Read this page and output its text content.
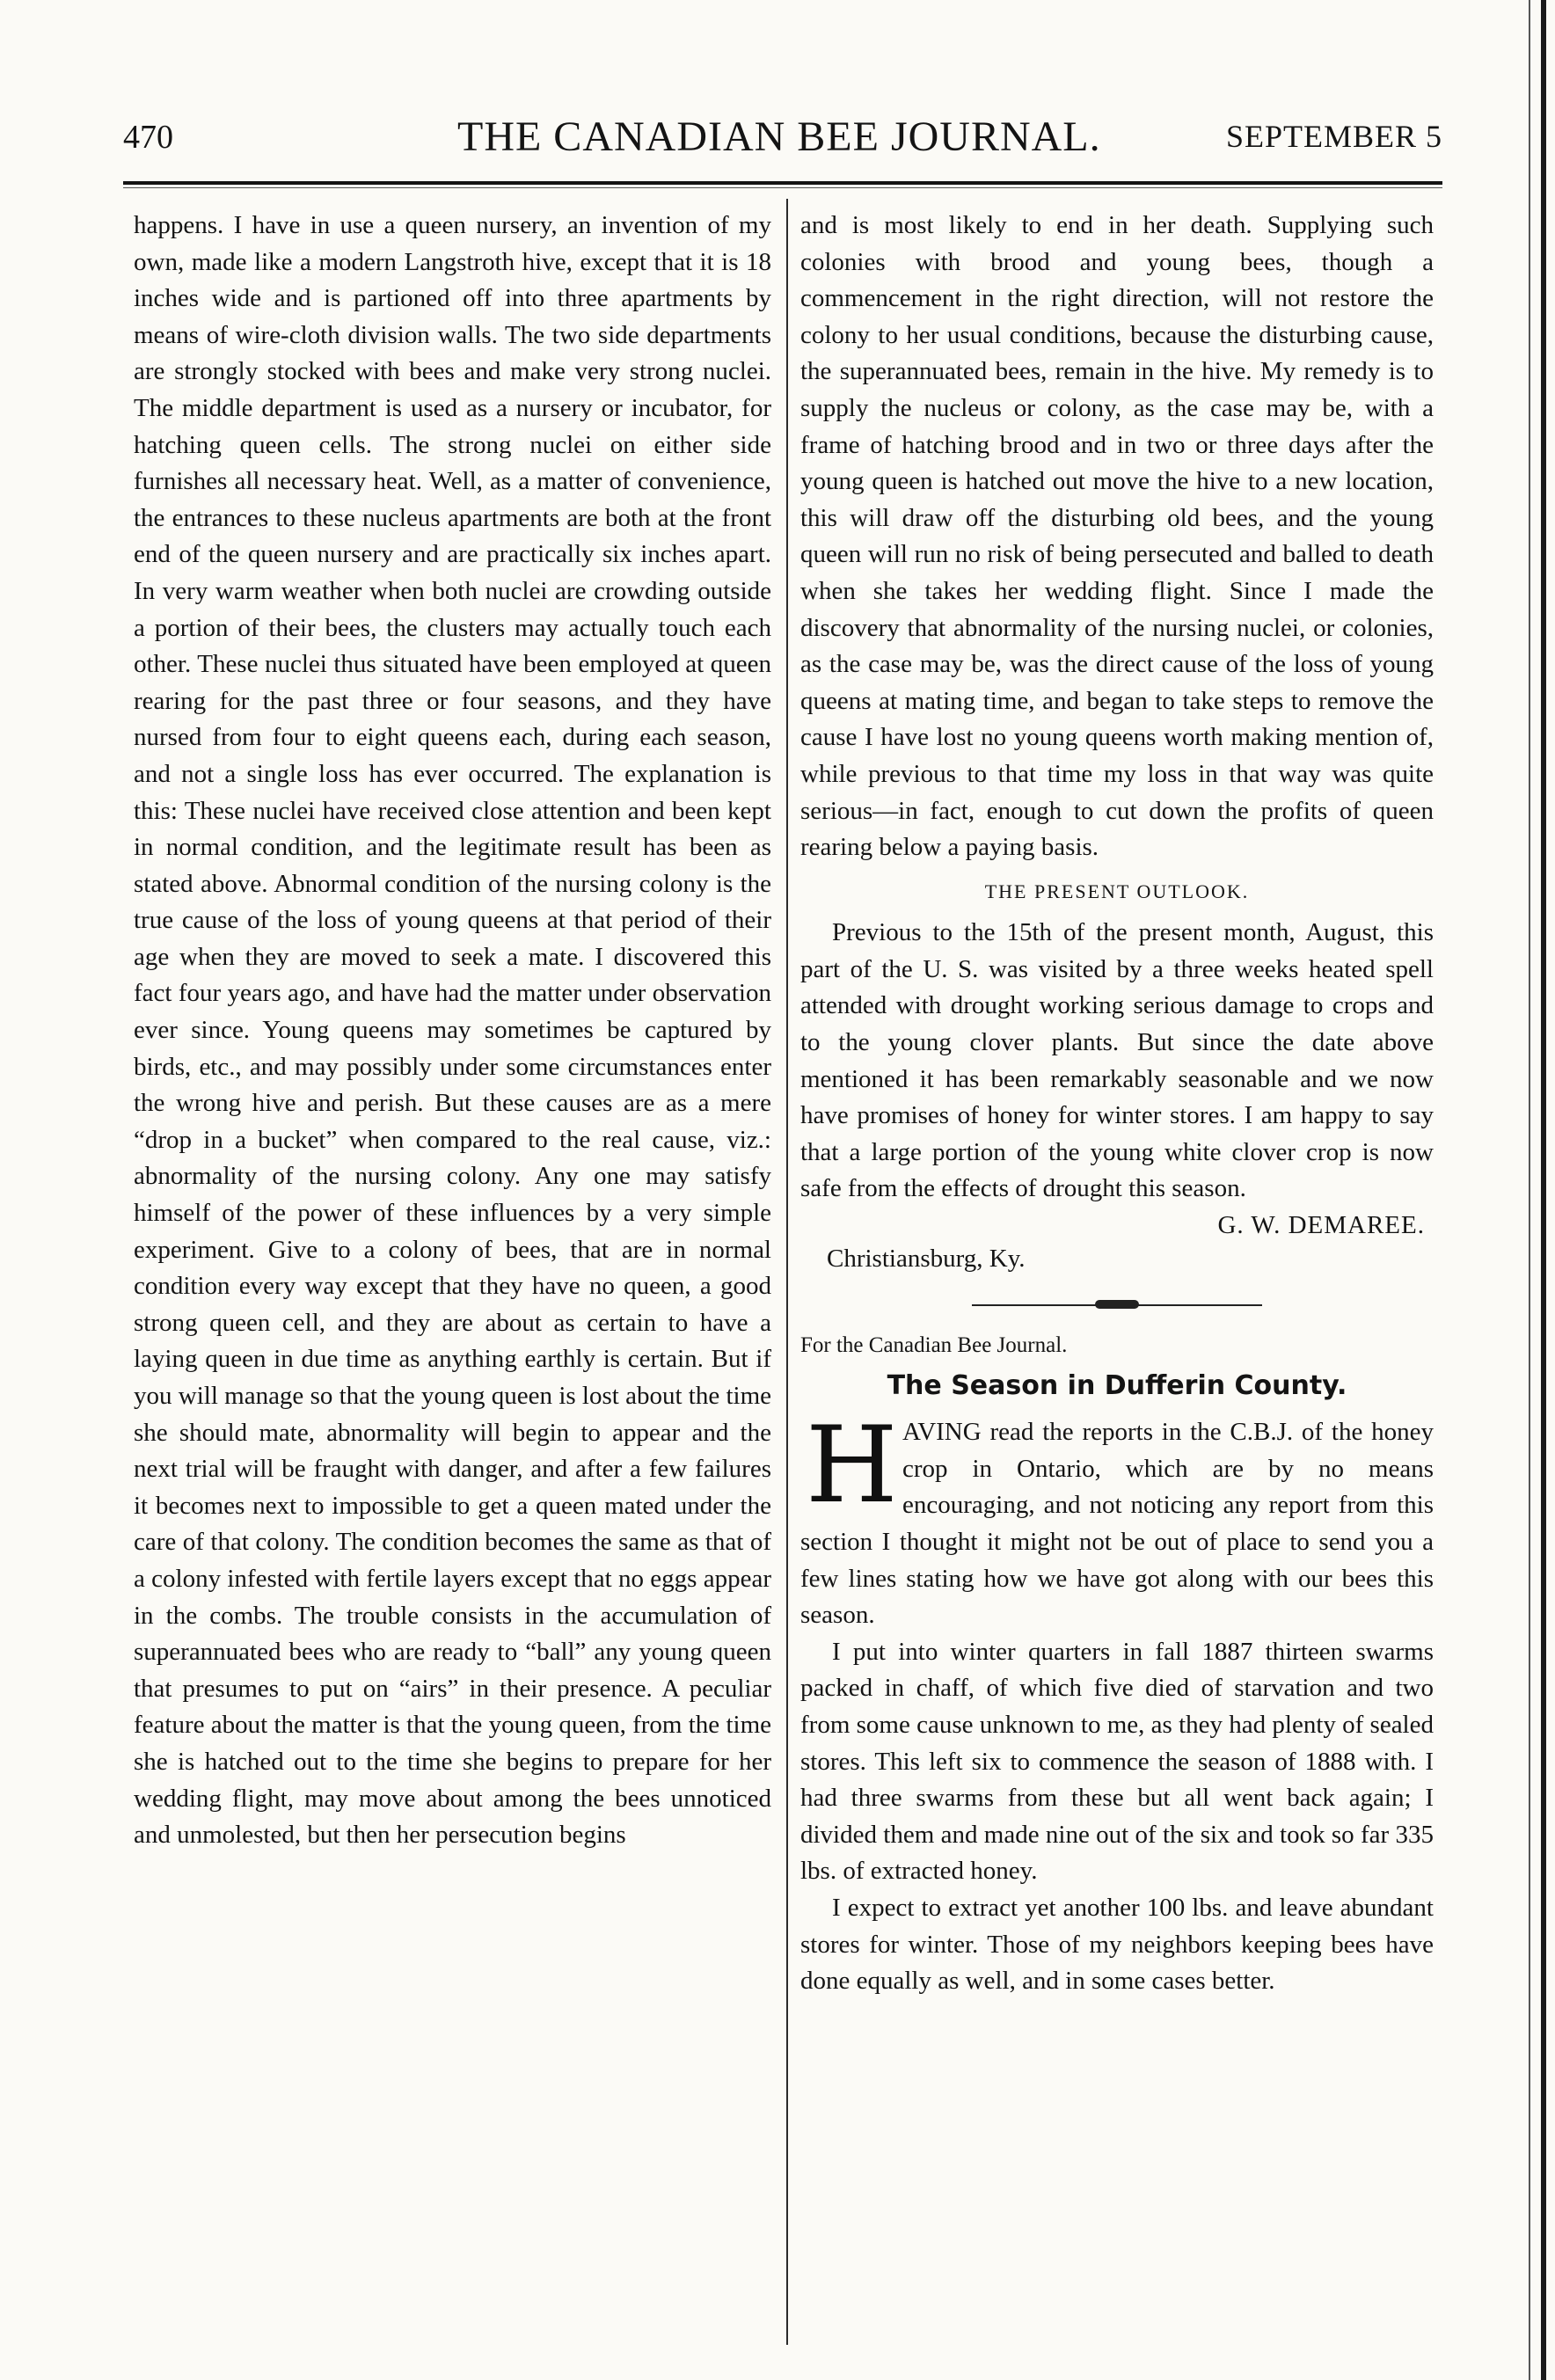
470	THE CANADIAN BEE JOURNAL.	SEPTEMBER 5

happens. I have in use a queen nursery, an invention of my own, made like a modern Langstroth hive, except that it is 18 inches wide and is partioned off into three apartments by means of wire-cloth division walls. The two side departments are strongly stocked with bees and make very strong nuclei. The middle department is used as a nursery or incubator, for hatching queen cells. The strong nuclei on either side furnishes all necessary heat. Well, as a matter of convenience, the entrances to these nucleus apartments are both at the front end of the queen nursery and are practically six inches apart. In very warm weather when both nuclei are crowding outside a portion of their bees, the clusters may actually touch each other. These nuclei thus situated have been employed at queen rearing for the past three or four seasons, and they have nursed from four to eight queens each, during each season, and not a single loss has ever occurred. The explanation is this: These nuclei have received close attention and been kept in normal condition, and the legitimate result has been as stated above. Abnormal condition of the nursing colony is the true cause of the loss of young queens at that period of their age when they are moved to seek a mate. I discovered this fact four years ago, and have had the matter under observation ever since. Young queens may sometimes be captured by birds, etc., and may possibly under some circumstances enter the wrong hive and perish. But these causes are as a mere “drop in a bucket” when compared to the real cause, viz.: abnormality of the nursing colony. Any one may satisfy himself of the power of these influences by a very simple experiment. Give to a colony of bees, that are in normal condition every way except that they have no queen, a good strong queen cell, and they are about as certain to have a laying queen in due time as anything earthly is certain. But if you will manage so that the young queen is lost about the time she should mate, abnormality will begin to appear and the next trial will be fraught with danger, and after a few failures it becomes next to impossible to get a queen mated under the care of that colony. The condition becomes the same as that of a colony infested with fertile layers except that no eggs appear in the combs. The trouble consists in the accumulation of superannuated bees who are ready to “ball” any young queen that presumes to put on “airs” in their presence. A peculiar feature about the matter is that the young queen, from the time she is hatched out to the time she begins to prepare for her wedding flight, may move about among the bees unnoticed and unmolested, but then her persecution begins

and is most likely to end in her death. Supplying such colonies with brood and young bees, though a commencement in the right direction, will not restore the colony to her usual conditions, because the disturbing cause, the superannuated bees, remain in the hive. My remedy is to supply the nucleus or colony, as the case may be, with a frame of hatching brood and in two or three days after the young queen is hatched out move the hive to a new location, this will draw off the disturbing old bees, and the young queen will run no risk of being persecuted and balled to death when she takes her wedding flight. Since I made the discovery that abnormality of the nursing nuclei, or colonies, as the case may be, was the direct cause of the loss of young queens at mating time, and began to take steps to remove the cause I have lost no young queens worth making mention of, while previous to that time my loss in that way was quite serious—in fact, enough to cut down the profits of queen rearing below a paying basis.

THE PRESENT OUTLOOK.

Previous to the 15th of the present month, August, this part of the U. S. was visited by a three weeks heated spell attended with drought working serious damage to crops and to the young clover plants. But since the date above mentioned it has been remarkably seasonable and we now have promises of honey for winter stores. I am happy to say that a large portion of the young white clover crop is now safe from the effects of drought this season.

G. W. DEMAREE.
Christiansburg, Ky.

For the Canadian Bee Journal.

The Season in Dufferin County.
H AVING read the reports in the C.B.J. of the honey crop in Ontario, which are by no means encouraging, and not noticing any report from this section I thought it might not be out of place to send you a few lines stating how we have got along with our bees this season.

I put into winter quarters in fall 1887 thirteen swarms packed in chaff, of which five died of starvation and two from some cause unknown to me, as they had plenty of sealed stores. This left six to commence the season of 1888 with. I had three swarms from these but all went back again; I divided them and made nine out of the six and took so far 335 lbs. of extracted honey.

I expect to extract yet another 100 lbs. and leave abundant stores for winter. Those of my neighbors keeping bees have done equally as well, and in some cases better.
